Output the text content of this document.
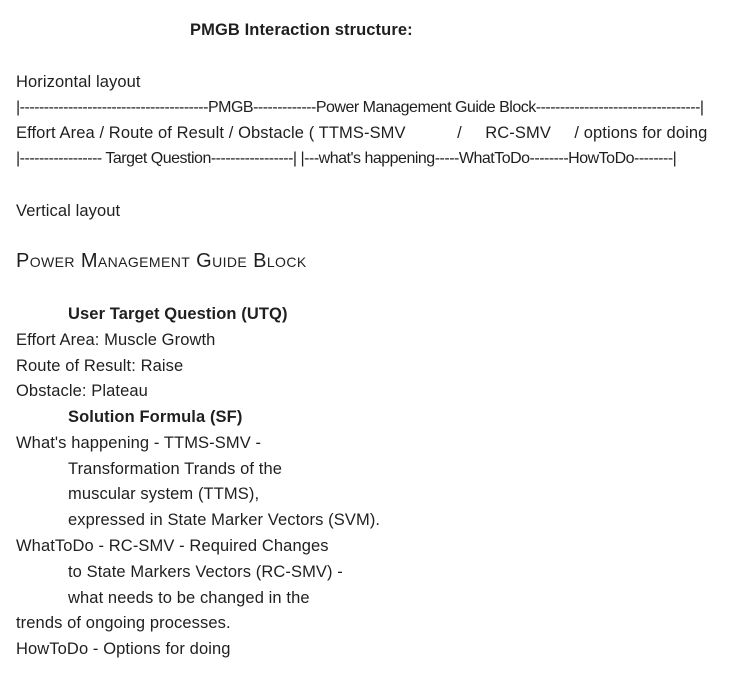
PMGB Interaction structure:
Horizontal layout
|---------------------------------------PMGB-------------Power Management Guide Block----------------------------------|
Effort Area / Route of Result / Obstacle ( TTMS-SMV           /     RC-SMV     / options for doing
|----------------- Target Question-----------------| |---what's happening-----WhatToDo--------HowToDo--------|
Vertical layout
Power Management Guide Block
User Target Question (UTQ)
Effort Area: Muscle Growth
Route of Result: Raise
Obstacle: Plateau
Solution Formula (SF)
What's happening - TTMS-SMV -
Transformation Trands of the
muscular system (TTMS),
expressed in State Marker Vectors (SVM).
WhatToDo - RC-SMV - Required Changes
to State Markers Vectors (RC-SMV) -
what needs to be changed in the
trends of ongoing processes.
HowToDo - Options for doing
